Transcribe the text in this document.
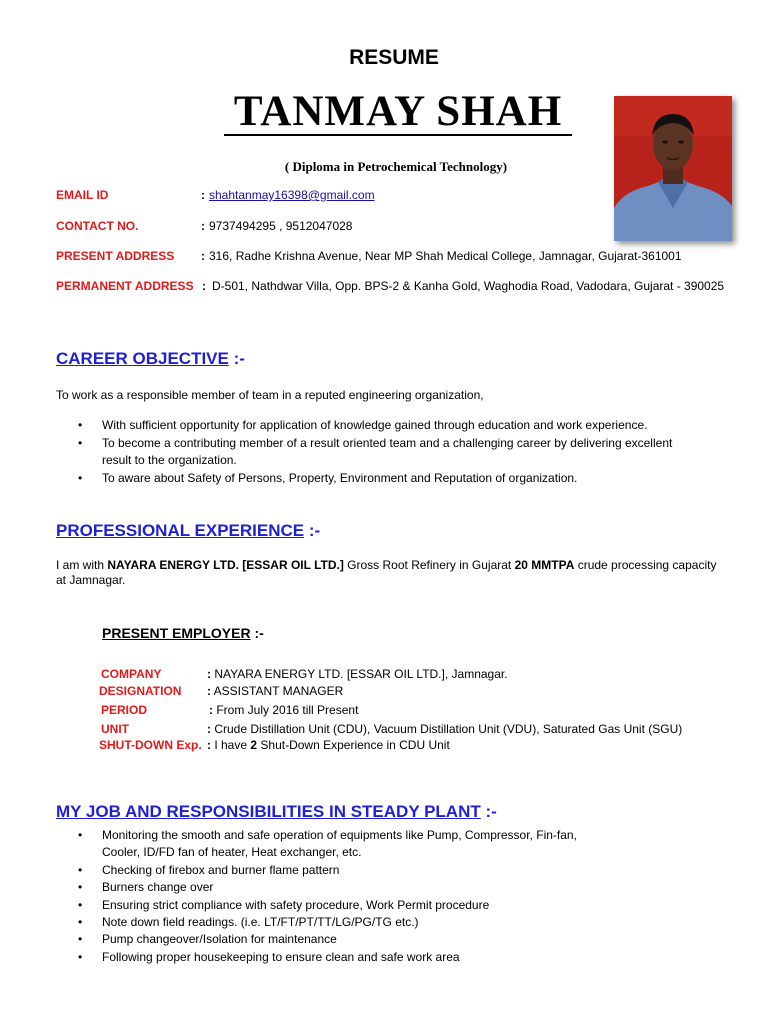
RESUME
TANMAY SHAH
( Diploma in Petrochemical Technology)
EMAIL ID	: shahtanmay16398@gmail.com
CONTACT NO.	: 9737494295 , 9512047028
PRESENT ADDRESS : 316, Radhe Krishna Avenue, Near MP Shah Medical College, Jamnagar, Gujarat-361001
PERMANENT ADDRESS : D-501, Nathdwar Villa, Opp. BPS-2 & Kanha Gold, Waghodia Road, Vadodara, Gujarat - 390025
CAREER OBJECTIVE :-
To work as a responsible member of team in a reputed engineering organization,
• With sufficient opportunity for application of knowledge gained through education and work experience.
• To become a contributing member of a result oriented team and a challenging career by delivering excellent result to the organization.
• To aware about Safety of Persons, Property, Environment and Reputation of organization.
PROFESSIONAL EXPERIENCE :-
I am with NAYARA ENERGY LTD. [ESSAR OIL LTD.] Gross Root Refinery in Gujarat 20 MMTPA crude processing capacity at Jamnagar.
PRESENT EMPLOYER :-
COMPANY	: NAYARA ENERGY LTD. [ESSAR OIL LTD.], Jamnagar.
DESIGNATION : ASSISTANT MANAGER
PERIOD	: From July 2016 till Present
UNIT	: Crude Distillation Unit (CDU), Vacuum Distillation Unit (VDU), Saturated Gas Unit (SGU)
SHUT-DOWN Exp. : I have 2 Shut-Down Experience in CDU Unit
MY JOB AND RESPONSIBILITIES IN STEADY PLANT :-
• Monitoring the smooth and safe operation of equipments like Pump, Compressor, Fin-fan, Cooler, ID/FD fan of heater, Heat exchanger, etc.
• Checking of firebox and burner flame pattern
• Burners change over
• Ensuring strict compliance with safety procedure, Work Permit procedure
• Note down field readings. (i.e. LT/FT/PT/TT/LG/PG/TG etc.)
• Pump changeover/Isolation for maintenance
• Following proper housekeeping to ensure clean and safe work area
